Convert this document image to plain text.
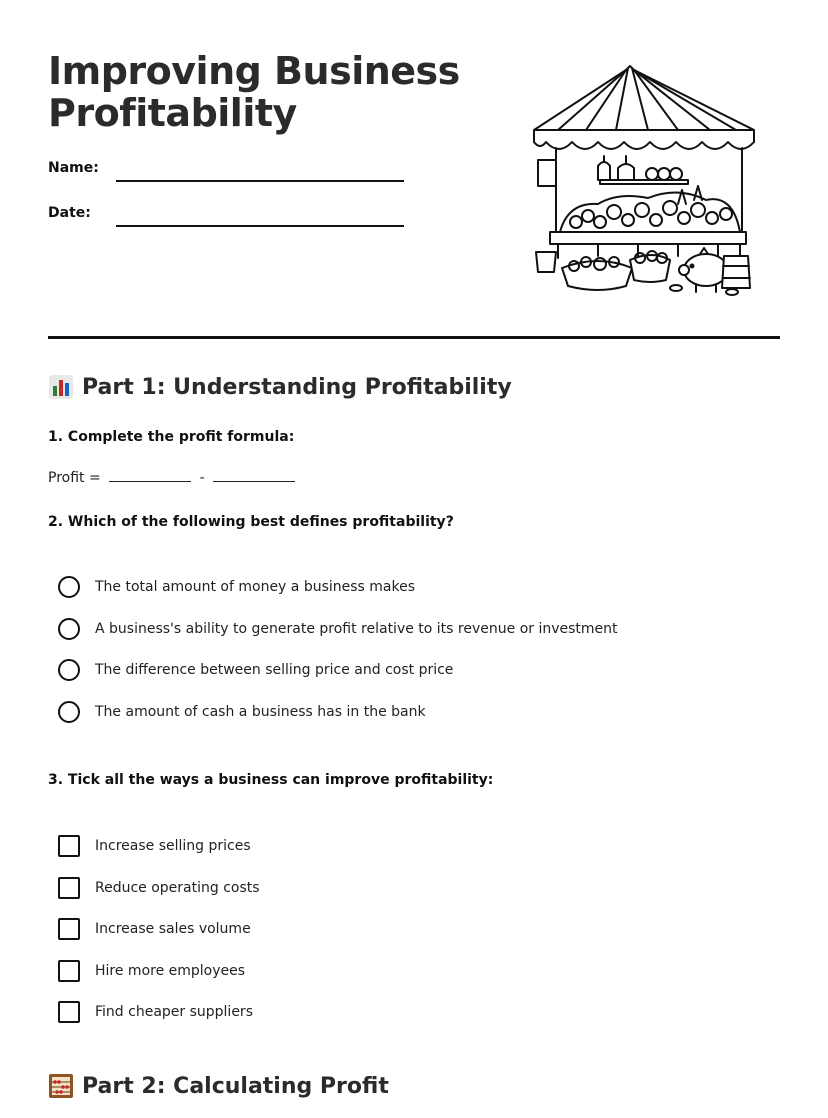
Improving Business Profitability
Name:
Date:
Part 1: Understanding Profitability
1. Complete the profit formula:
Profit =	-
2. Which of the following best defines profitability?
The total amount of money a business makes
A business's ability to generate profit relative to its revenue or investment
The difference between selling price and cost price
The amount of cash a business has in the bank
3. Tick all the ways a business can improve profitability:
Increase selling prices
Reduce operating costs
Increase sales volume
Hire more employees
Find cheaper suppliers
Part 2: Calculating Profit
